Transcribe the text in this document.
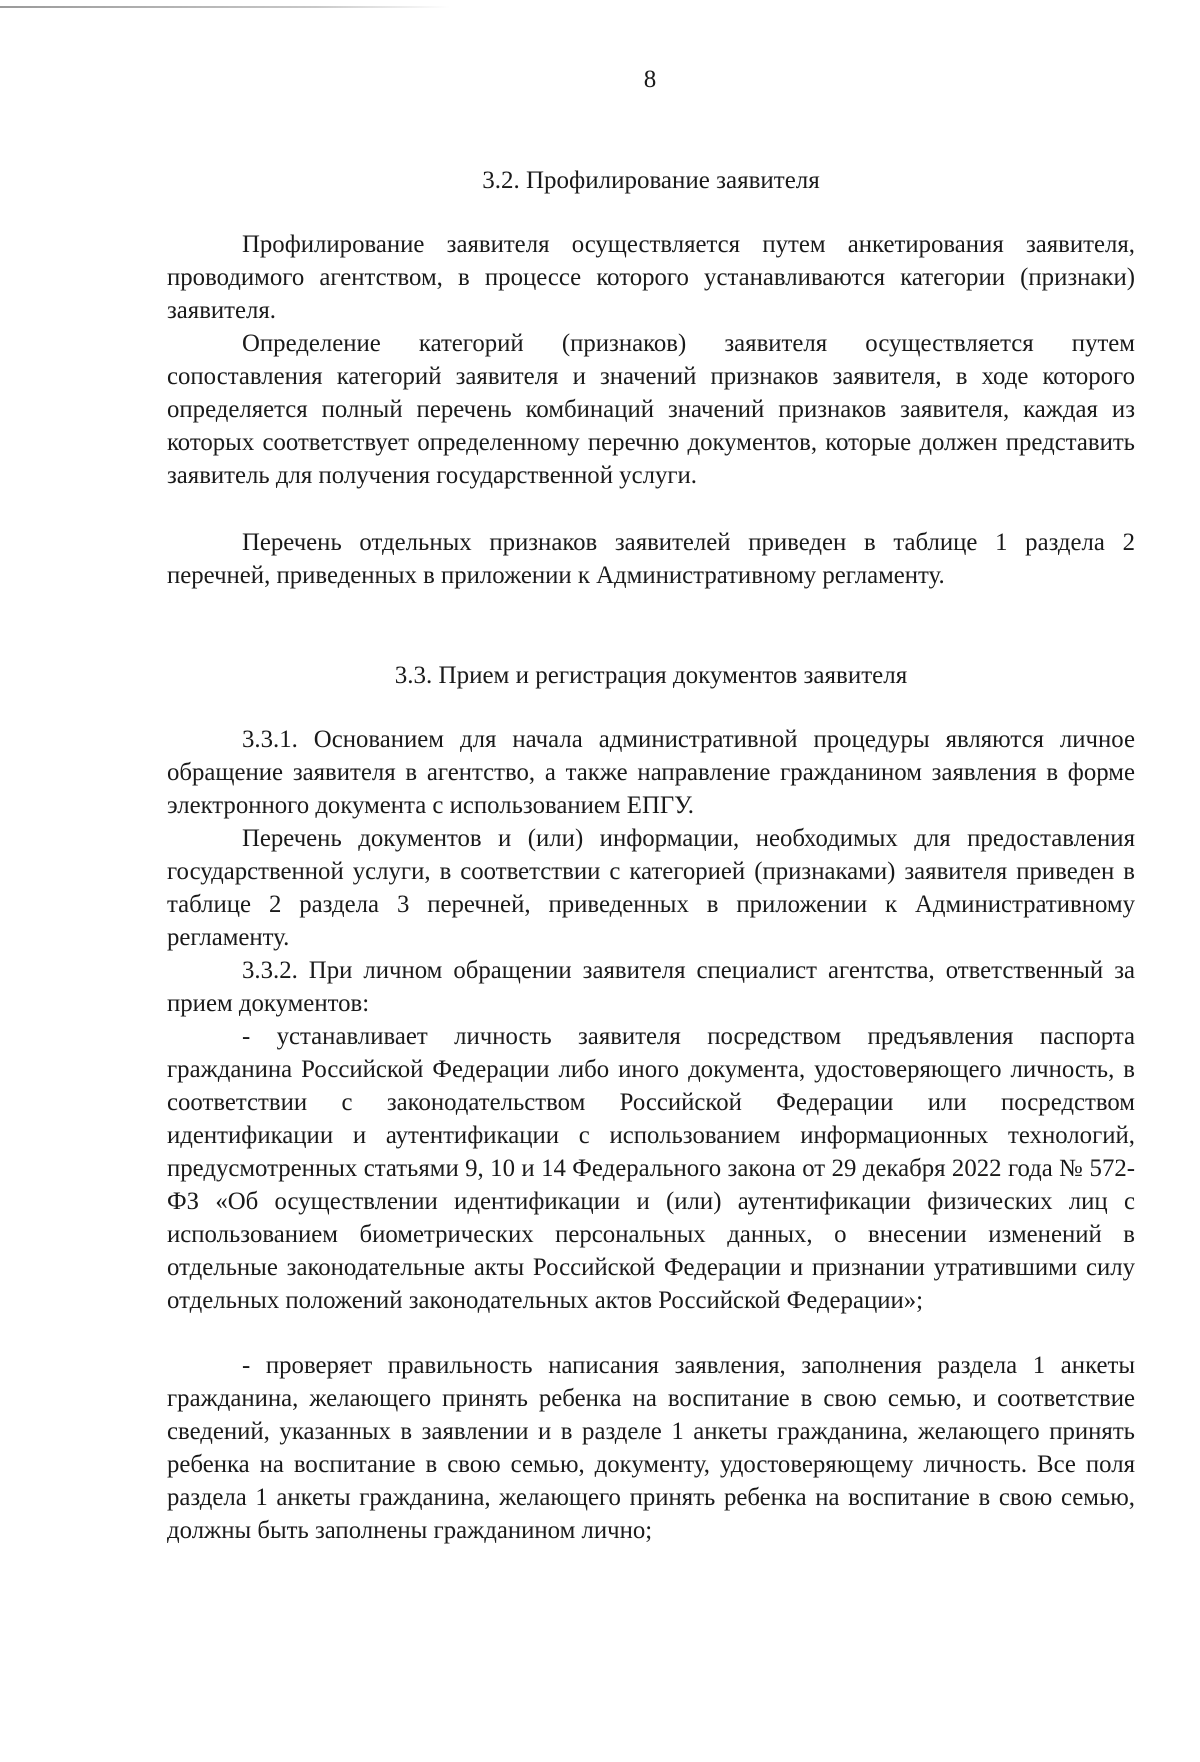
8
3.2. Профилирование заявителя

Профилирование заявителя осуществляется путем анкетирования заявителя, проводимого агентством, в процессе которого устанавливаются категории (признаки) заявителя.

Определение категорий (признаков) заявителя осуществляется путем сопоставления категорий заявителя и значений признаков заявителя, в ходе которого определяется полный перечень комбинаций значений признаков заявителя, каждая из которых соответствует определенному перечню документов, которые должен представить заявитель для получения государственной услуги.

Перечень отдельных признаков заявителей приведен в таблице 1 раздела 2 перечней, приведенных в приложении к Административному регламенту.

3.3. Прием и регистрация документов заявителя

3.3.1. Основанием для начала административной процедуры являются личное обращение заявителя в агентство, а также направление гражданином заявления в форме электронного документа с использованием ЕПГУ.

Перечень документов и (или) информации, необходимых для предоставления государственной услуги, в соответствии с категорией (признаками) заявителя приведен в таблице 2 раздела 3 перечней, приведенных в приложении к Административному регламенту.

3.3.2. При личном обращении заявителя специалист агентства, ответственный за прием документов:

- устанавливает личность заявителя посредством предъявления паспорта гражданина Российской Федерации либо иного документа, удостоверяющего личность, в соответствии с законодательством Российской Федерации или посредством идентификации и аутентификации с использованием информационных технологий, предусмотренных статьями 9, 10 и 14 Федерального закона от 29 декабря 2022 года № 572-ФЗ «Об осуществлении идентификации и (или) аутентификации физических лиц с использованием биометрических персональных данных, о внесении изменений в отдельные законодательные акты Российской Федерации и признании утратившими силу отдельных положений законодательных актов Российской Федерации»;

- проверяет правильность написания заявления, заполнения раздела 1 анкеты гражданина, желающего принять ребенка на воспитание в свою семью, и соответствие сведений, указанных в заявлении и в разделе 1 анкеты гражданина, желающего принять ребенка на воспитание в свою семью, документу, удостоверяющему личность. Все поля раздела 1 анкеты гражданина, желающего принять ребенка на воспитание в свою семью, должны быть заполнены гражданином лично;
